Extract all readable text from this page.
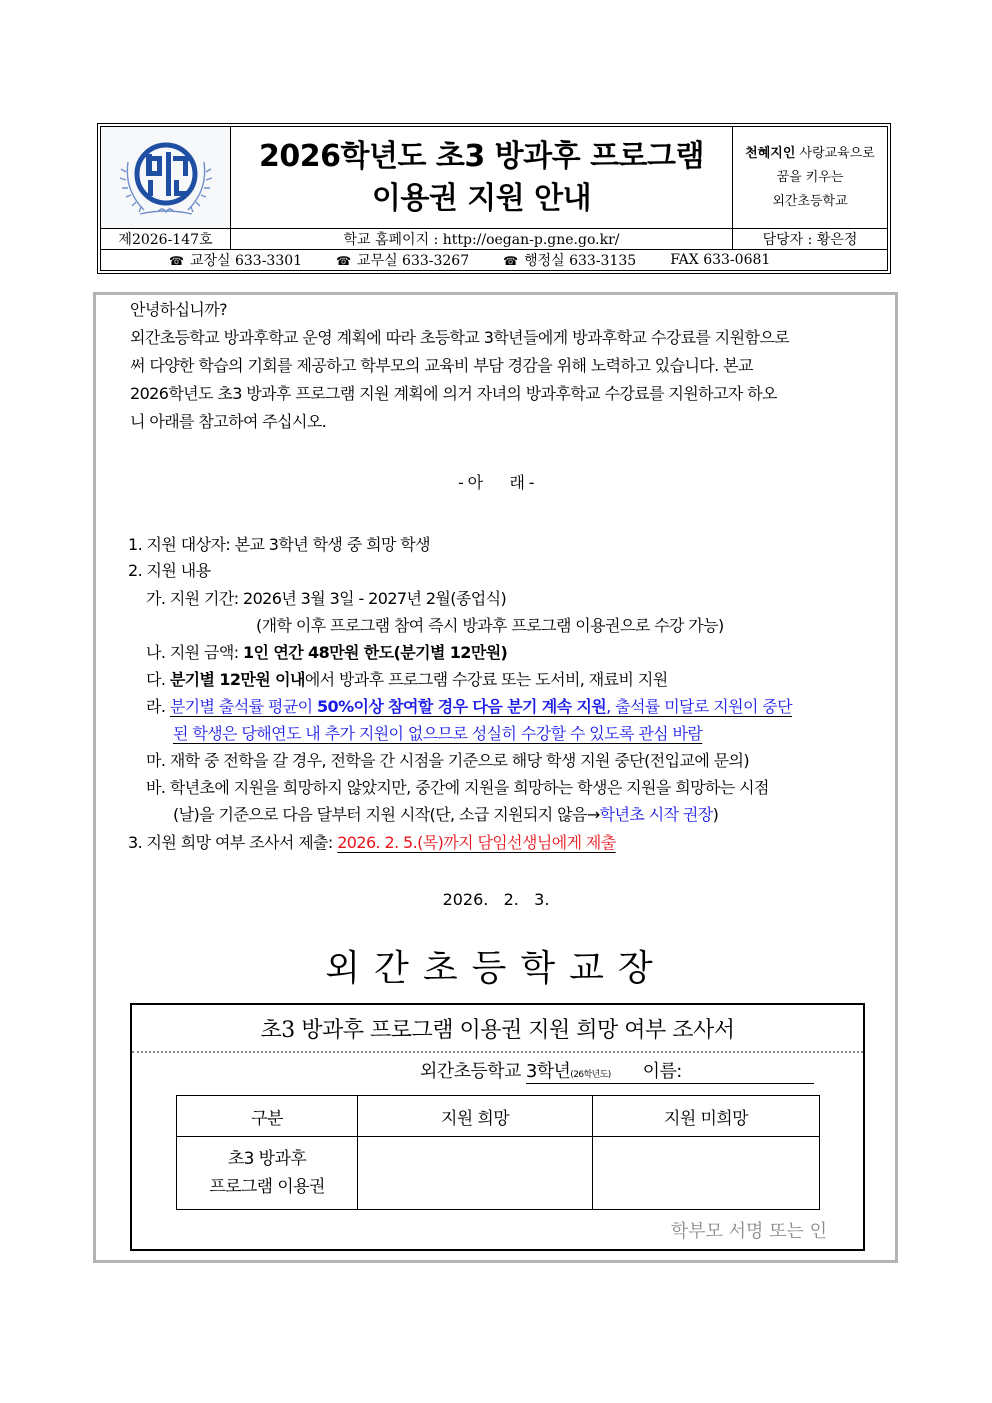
2026학년도 초3 방과후 프로그램
이용권 지원 안내
천혜지인 사랑교육으로
꿈을 키우는
외간초등학교
제2026-147호	학교 홈페이지 : http://oegan-p.gne.go.kr/	담당자 : 황은정
☎ 교장실 633-3301	☎ 교무실 633-3267	☎ 행정실 633-3135 FAX 633-0681
안녕하십니까?
외간초등학교 방과후학교 운영 계획에 따라 초등학교 3학년들에게 방과후학교 수강료를 지원함으로
써 다양한 학습의 기회를 제공하고 학부모의 교육비 부담 경감을 위해 노력하고 있습니다. 본교
2026학년도 초3 방과후 프로그램 지원 계획에 의거 자녀의 방과후학교 수강료를 지원하고자 하오
니 아래를 참고하여 주십시오.
- 아      래 -
1. 지원 대상자: 본교 3학년 학생 중 희망 학생
2. 지원 내용
가. 지원 기간: 2026년 3월 3일 - 2027년 2월(종업식)
(개학 이후 프로그램 참여 즉시 방과후 프로그램 이용권으로 수강 가능)
나. 지원 금액: 1인 연간 48만원 한도(분기별 12만원)
다. 분기별 12만원 이내에서 방과후 프로그램 수강료 또는 도서비, 재료비 지원
라. 분기별 출석률 평균이 50%이상 참여할 경우 다음 분기 계속 지원, 출석률 미달로 지원이 중단
된 학생은 당해연도 내 추가 지원이 없으므로 성실히 수강할 수 있도록 관심 바람
마. 재학 중 전학을 갈 경우, 전학을 간 시점을 기준으로 해당 학생 지원 중단(전입교에 문의)
바. 학년초에 지원을 희망하지 않았지만, 중간에 지원을 희망하는 학생은 지원을 희망하는 시점
(날)을 기준으로 다음 달부터 지원 시작(단, 소급 지원되지 않음→학년초 시작 권장)
3. 지원 희망 여부 조사서 제출: 2026. 2. 5.(목)까지 담임선생님에게 제출
2026.   2.   3.
외간초등학교장
초3 방과후 프로그램 이용권 지원 희망 여부 조사서
외간초등학교 3학년(26학년도) 이름:
구분	지원 희망	지원 미희망

초3 방과후
프로그램 이용권		

학부모 서명 또는 인
